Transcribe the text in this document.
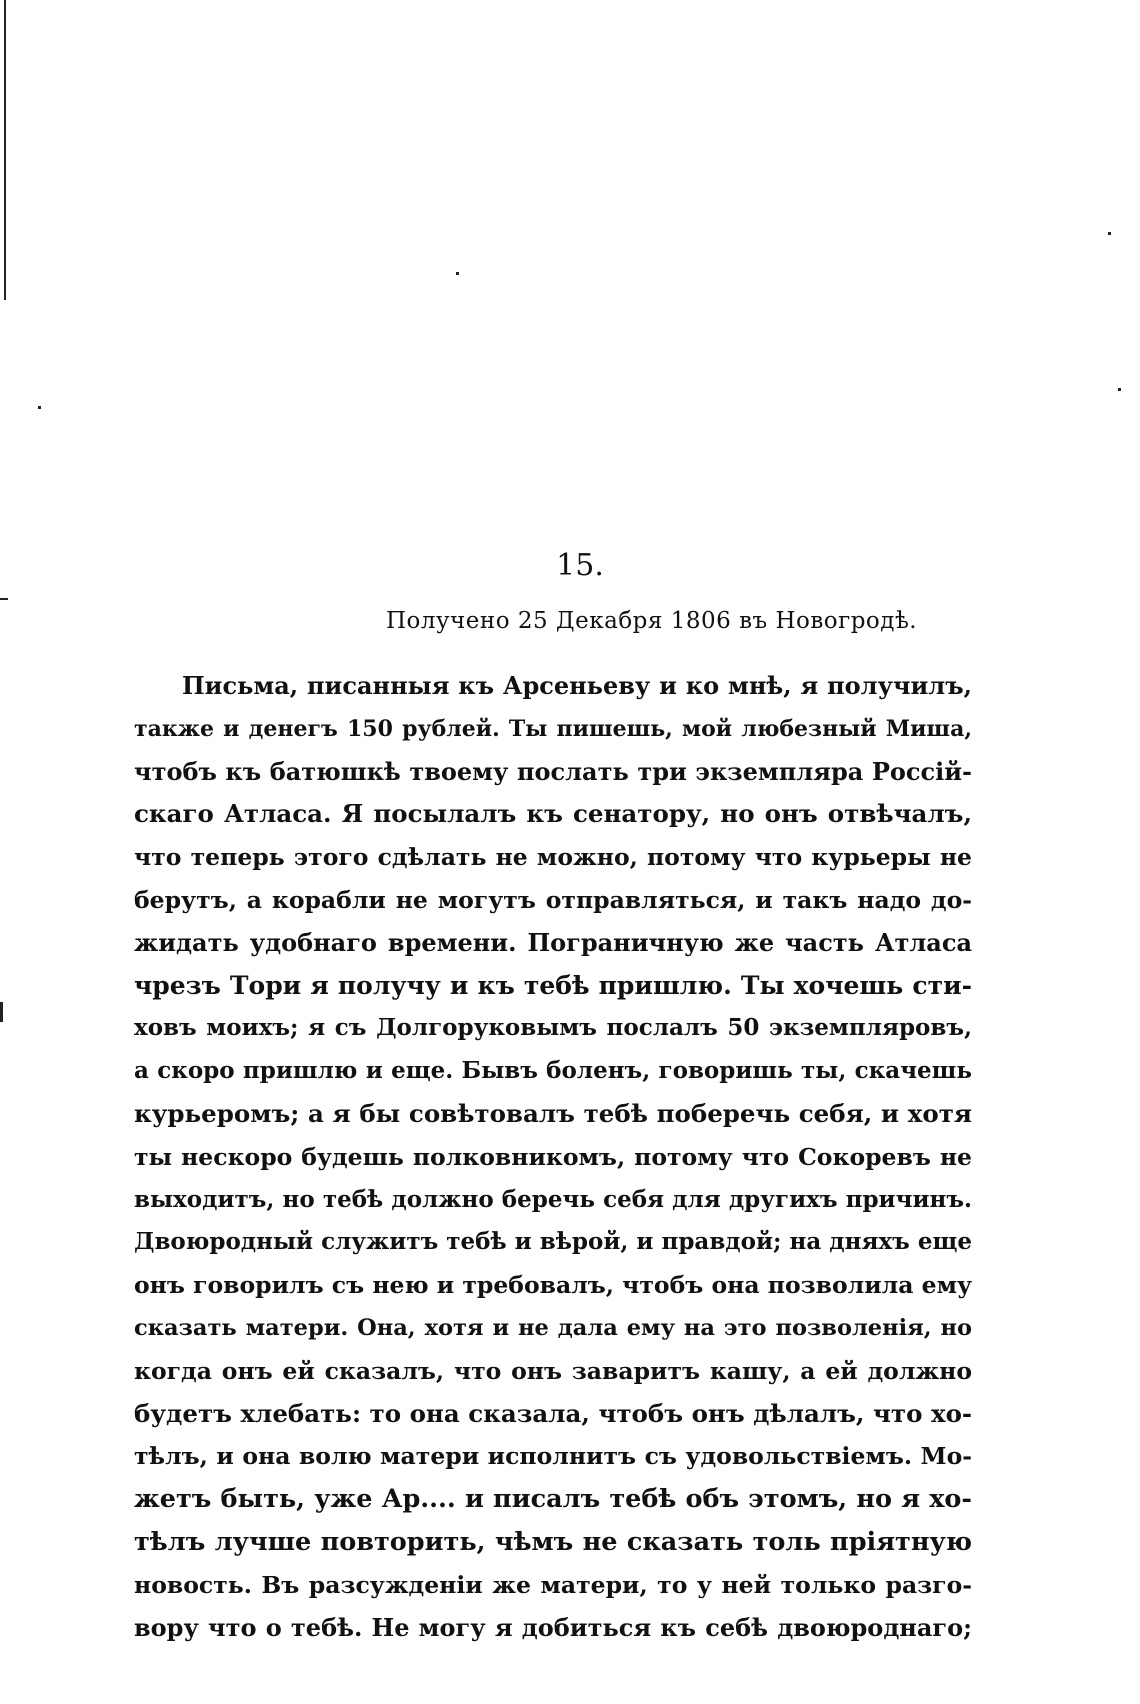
15.
Получено 25 Декабря 1806 въ Новогродѣ.
Письма, писанныя къ Арсеньеву и ко мнѣ, я получилъ,
также и денегъ 150 рублей. Ты пишешь, мой любезный Миша,
чтобъ къ батюшкѣ твоему послать три экземпляра Россій-
скаго Атласа. Я посылалъ къ сенатору, но онъ отвѣчалъ,
что теперь этого сдѣлать не можно, потому что курьеры не
берутъ, а корабли не могутъ отправляться, и такъ надо до-
жидать удобнаго времени. Пограничную же часть Атласа
чрезъ Тори я получу и къ тебѣ пришлю. Ты хочешь сти-
ховъ моихъ; я съ Долгоруковымъ послалъ 50 экземпляровъ,
а скоро пришлю и еще. Бывъ боленъ, говоришь ты, скачешь
курьеромъ; а я бы совѣтовалъ тебѣ поберечь себя, и хотя
ты нескоро будешь полковникомъ, потому что Сокоревъ не
выходитъ, но тебѣ должно беречь себя для другихъ причинъ.
Двоюродный служитъ тебѣ и вѣрой, и правдой; на дняхъ еще
онъ говорилъ съ нею и требовалъ, чтобъ она позволила ему
сказать матери. Она, хотя и не дала ему на это позволенія, но
когда онъ ей сказалъ, что онъ заваритъ кашу, а ей должно
будетъ хлебать: то она сказала, чтобъ онъ дѣлалъ, что хо-
тѣлъ, и она волю матери исполнитъ съ удовольствіемъ. Мо-
жетъ быть, уже Ар.... и писалъ тебѣ объ этомъ, но я хо-
тѣлъ лучше повторить, чѣмъ не сказать толь пріятную
новость. Въ разсужденіи же матери, то у ней только разго-
вору что о тебѣ. Не могу я добиться къ себѣ двоюроднаго;
